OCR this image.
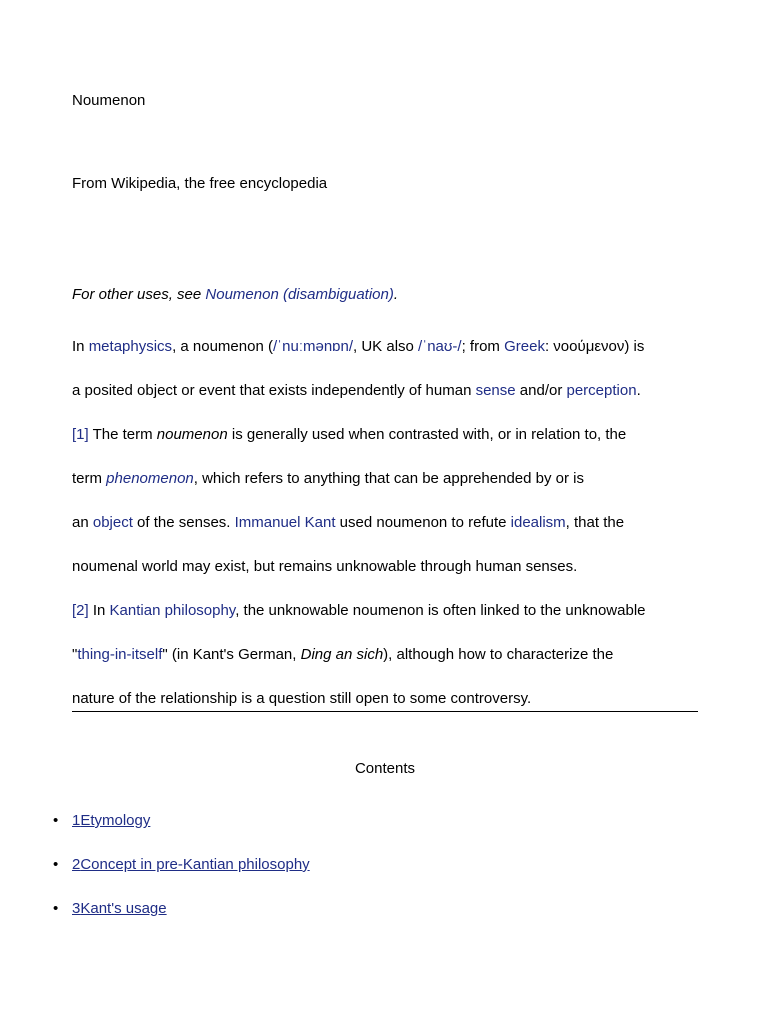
Noumenon
From Wikipedia, the free encyclopedia
For other uses, see Noumenon (disambiguation).
In metaphysics, a noumenon (/ˈnuːmənɒn/, UK also /ˈnaʊ-/; from Greek: νοούμενον) is
a posited object or event that exists independently of human sense and/or perception.
[1] The term noumenon is generally used when contrasted with, or in relation to, the
term phenomenon, which refers to anything that can be apprehended by or is
an object of the senses. Immanuel Kant used noumenon to refute idealism, that the
noumenal world may exist, but remains unknowable through human senses.
[2] In Kantian philosophy, the unknowable noumenon is often linked to the unknowable
"thing-in-itself" (in Kant's German, Ding an sich), although how to characterize the
nature of the relationship is a question still open to some controversy.
Contents
• 1Etymology
• 2Concept in pre-Kantian philosophy
• 3Kant's usage
